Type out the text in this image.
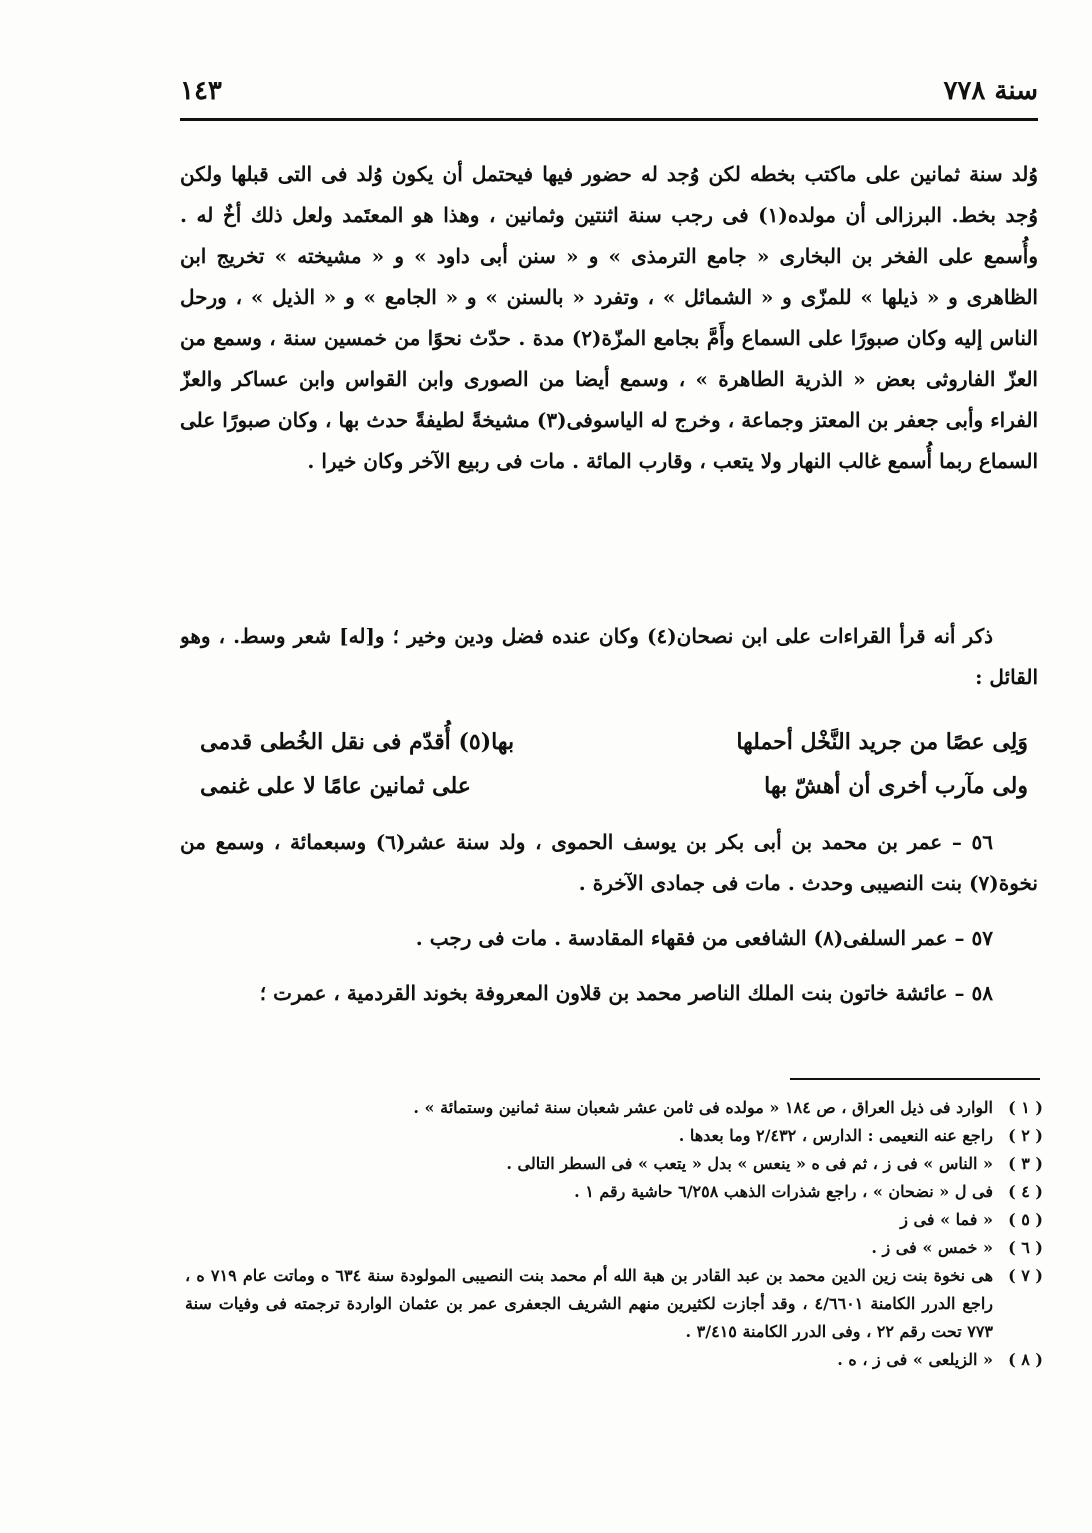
سنة ٧٧٨
١٤٣
وُلد سنة ثمانين على ماكتب بخطه لكن وُجد له حضور فيها فيحتمل أن يكون وُلد فى التى قبلها ولكن وُجد بخط. البرزالى أن مولده(١) فى رجب سنة اثنتين وثمانين ، وهذا هو المعتَمد ولعل ذلك أخٌ له . وأُسمع على الفخر بن البخارى « جامع الترمذى » و « سنن أبى داود » و « مشيخته » تخريج ابن الظاهرى و « ذيلها » للمزّى و « الشمائل » ، وتفرد « بالسنن » و « الجامع » و « الذيل » ، ورحل الناس إليه وكان صبورًا على السماع وأَمَّ بجامع المزّة(٢) مدة . حدّث نحوًا من خمسين سنة ، وسمع من العزّ الفاروثى بعض « الذرية الطاهرة » ، وسمع أيضا من الصورى وابن القواس وابن عساكر والعزّ الفراء وأبى جعفر بن المعتز وجماعة ، وخرج له الياسوفى(٣) مشيخةً لطيفةً حدث بها ، وكان صبورًا على السماع ربما أُسمع غالب النهار ولا يتعب ، وقارب المائة . مات فى ربيع الآخر وكان خيرا .
ذكر أنه قرأ القراءات على ابن نصحان(٤) وكان عنده فضل ودين وخير ؛ و[له] شعر وسط. ، وهو القائل :
وَلِى عصًا من جريد النَّخْل أحملها
بها(٥) أُقدّم فى نقل الخُطى قدمى
ولى مآرب أخرى أن أهشّ بها
على ثمانين عامًا لا على غنمى
٥٦ – عمر بن محمد بن أبى بكر بن يوسف الحموى ، ولد سنة عشر(٦) وسبعمائة ، وسمع من نخوة(٧) بنت النصيبى وحدث . مات فى جمادى الآخرة .
٥٧ – عمر السلفى(٨) الشافعى من فقهاء المقادسة . مات فى رجب .
٥٨ – عائشة خاتون بنت الملك الناصر محمد بن قلاون المعروفة بخوند القردمية ، عمرت ؛
( ١ )
الوارد فى ذيل العراق ، ص ١٨٤ « مولده فى ثامن عشر شعبان سنة ثمانين وستمائة » .
( ٢ )
راجع عنه النعيمى : الدارس ، ٢/٤٣٢ وما بعدها .
( ٣ )
« الناس » فى ز ، ثم فى ه « ينعس » بدل « يتعب » فى السطر التالى .
( ٤ )
فى ل « نضحان » ، راجع شذرات الذهب ٦/٢٥٨ حاشية رقم ١ .
( ٥ )
« فما » فى ز
( ٦ )
« خمس » فى ز .
( ٧ )
هى نخوة بنت زين الدين محمد بن عبد القادر بن هبة الله أم محمد بنت النصيبى المولودة سنة ٦٣٤ ه وماتت عام ٧١٩ ه ، راجع الدرر الكامنة ٤/٦٦٠١ ، وقد أجازت لكثيرين منهم الشريف الجعفرى عمر بن عثمان الواردة ترجمته فى وفيات سنة ٧٧٣ تحت رقم ٢٢ ، وفى الدرر الكامنة ٣/٤١٥ .
( ٨ )
« الزيلعى » فى ز ، ه .
